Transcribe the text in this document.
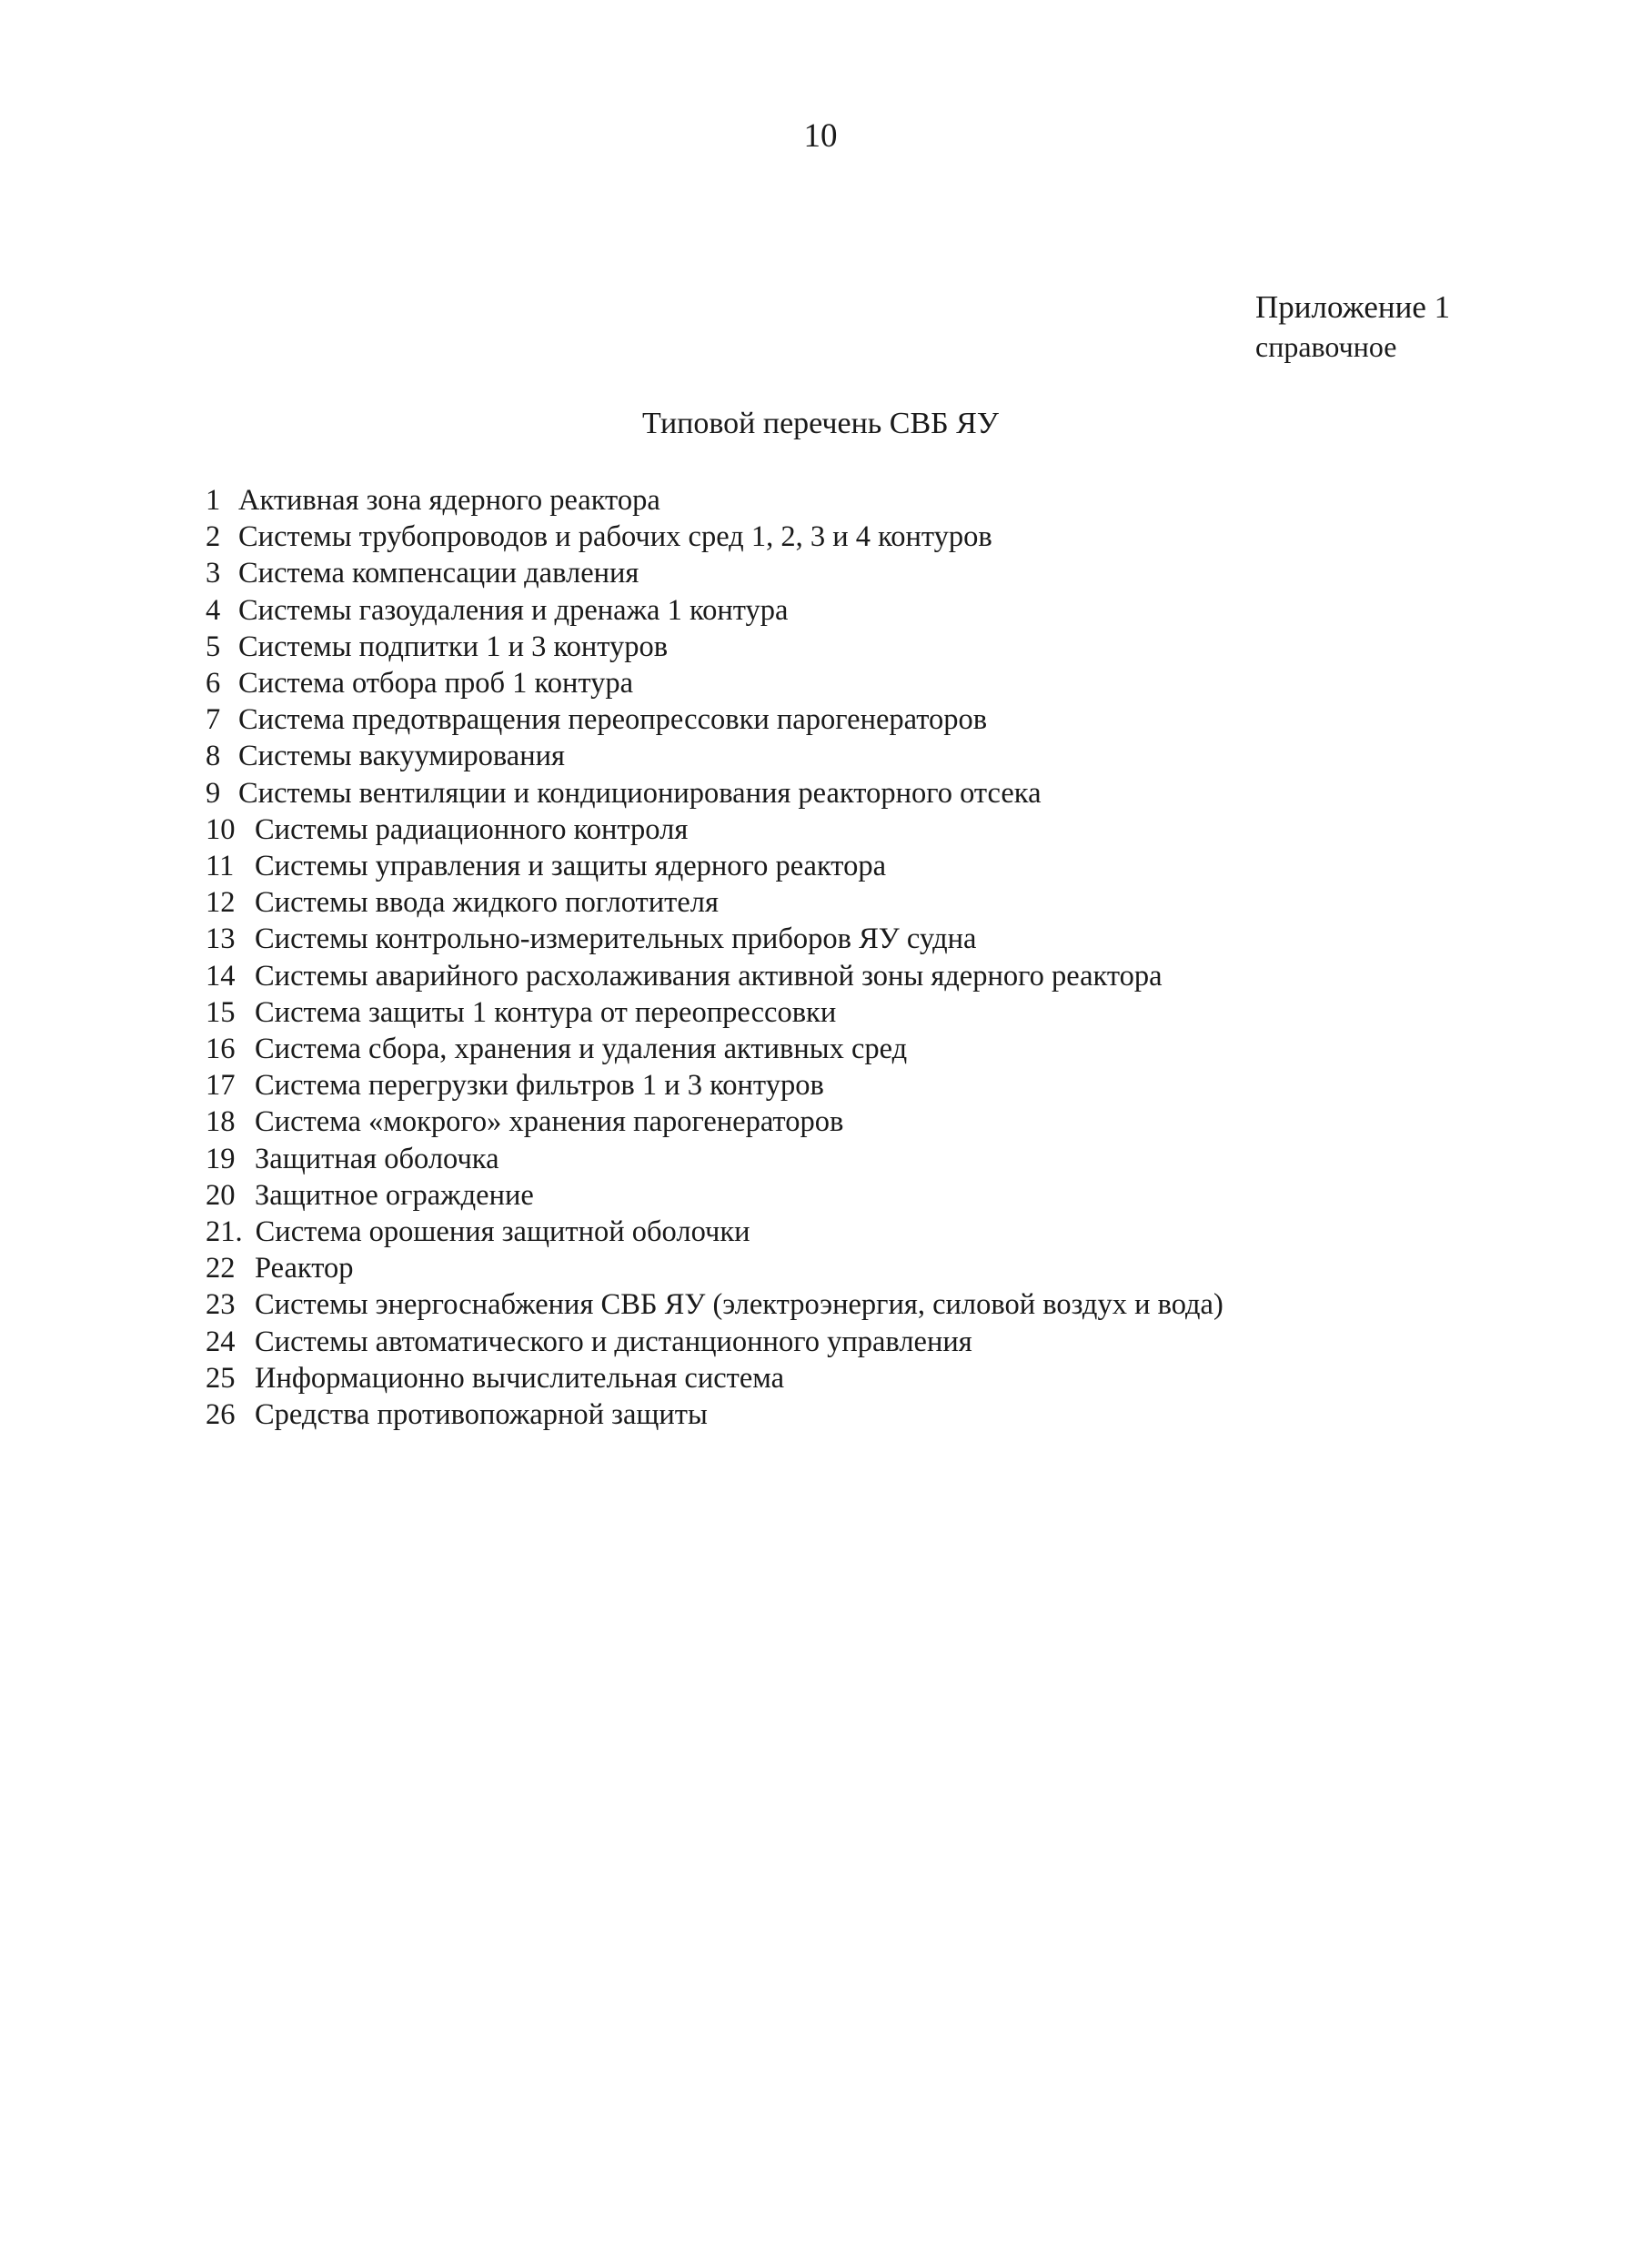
10
Приложение 1
справочное
Типовой перечень СВБ ЯУ
1 Активная зона ядерного реактора
2 Системы трубопроводов и рабочих сред 1, 2, 3 и 4 контуров
3 Система компенсации давления
4 Системы газоудаления и дренажа 1 контура
5 Системы подпитки 1 и 3 контуров
6 Система отбора проб 1 контура
7 Система предотвращения переопрессовки парогенераторов
8 Системы вакуумирования
9 Системы вентиляции и кондиционирования реакторного отсека
10 Системы радиационного контроля
11 Системы управления и защиты ядерного реактора
12 Системы ввода жидкого поглотителя
13 Системы контрольно-измерительных приборов ЯУ судна
14 Системы аварийного расхолаживания активной зоны ядерного реактора
15 Система защиты 1 контура от переопрессовки
16 Система сбора, хранения и удаления активных сред
17 Система перегрузки фильтров 1 и 3 контуров
18 Система «мокрого» хранения парогенераторов
19 Защитная оболочка
20 Защитное ограждение
21. Система орошения защитной оболочки
22 Реактор
23 Системы энергоснабжения СВБ ЯУ (электроэнергия, силовой воздух и вода)
24 Системы автоматического и дистанционного управления
25 Информационно вычислительная система
26 Средства противопожарной защиты
